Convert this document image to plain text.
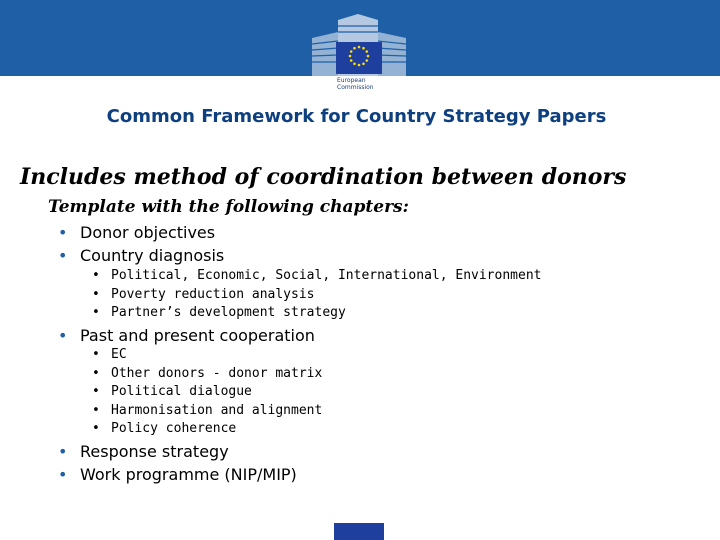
European
Commission
Common Framework for Country Strategy Papers
Includes method of coordination between donors
Template with the following chapters:
• Donor objectives
• Country diagnosis
• Political, Economic, Social, International, Environment
• Poverty reduction analysis
• Partner’s development strategy
• Past and present cooperation
• EC
• Other donors - donor matrix
• Political dialogue
• Harmonisation and alignment
• Policy coherence
• Response strategy
• Work programme (NIP/MIP)
